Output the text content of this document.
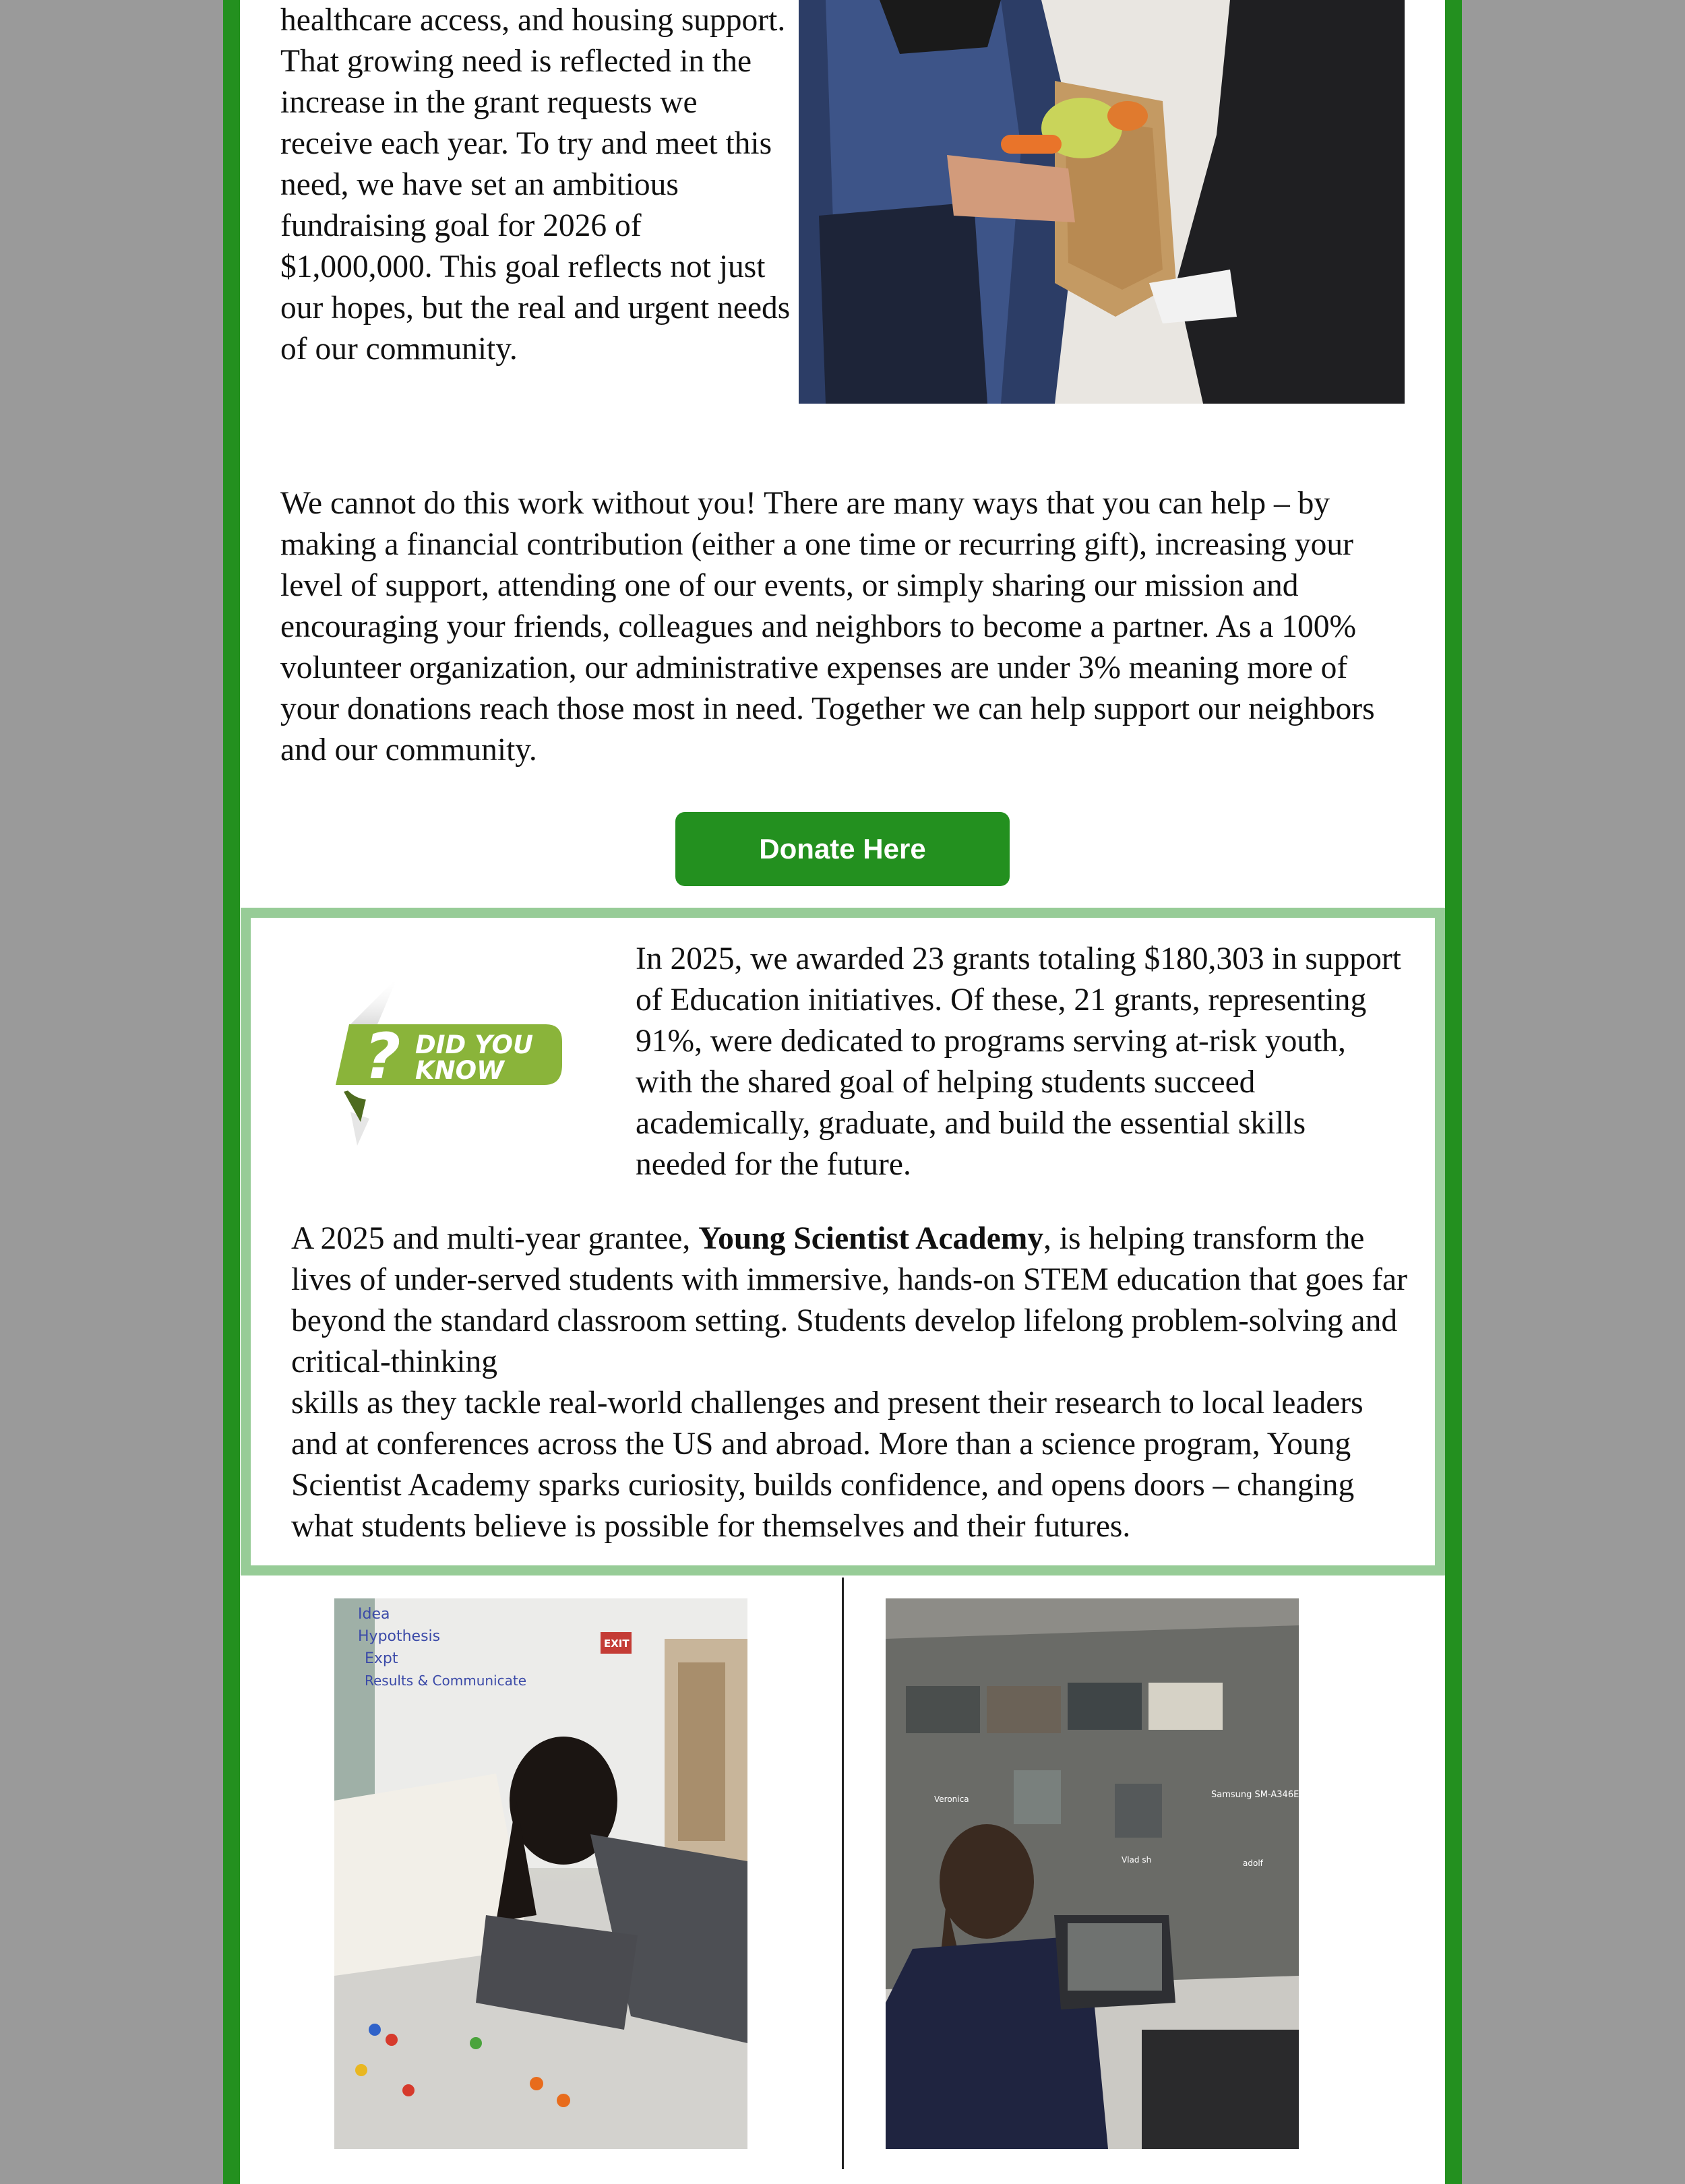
healthcare access, and housing support. That growing need is reflected in the increase in the grant requests we receive each year. To try and meet this need, we have set an ambitious fundraising goal for 2026 of $1,000,000. This goal reflects not just our hopes, but the real and urgent needs of our community.

We cannot do this work without you! There are many ways that you can help – by making a financial contribution (either a one time or recurring gift), increasing your level of support, attending one of our events, or simply sharing our mission and encouraging your friends, colleagues and neighbors to become a partner. As a 100% volunteer organization, our administrative expenses are under 3% meaning more of your donations reach those most in need. Together we can help support our neighbors and our community.

Donate Here
? DID YOU
KNOW

In 2025, we awarded 23 grants totaling $180,303 in support of Education initiatives. Of these, 21 grants, representing 91%, were dedicated to programs serving at-risk youth, with the shared goal of helping students succeed academically, graduate, and build the essential skills needed for the future.

A 2025 and multi-year grantee, Young Scientist Academy, is helping transform the lives of under-served students with immersive, hands-on STEM education that goes far beyond the standard classroom setting. Students develop lifelong problem-solving and critical-thinking
skills as they tackle real-world challenges and present their research to local leaders and at conferences across the US and abroad. More than a science program, Young Scientist Academy sparks curiosity, builds confidence, and opens doors – changing what students believe is possible for themselves and their futures.

EXIT
Idea
Hypothesis
Expt
Results & Communicate
Veronica	Samsung SM-A346E
Vlad sh	adolf
